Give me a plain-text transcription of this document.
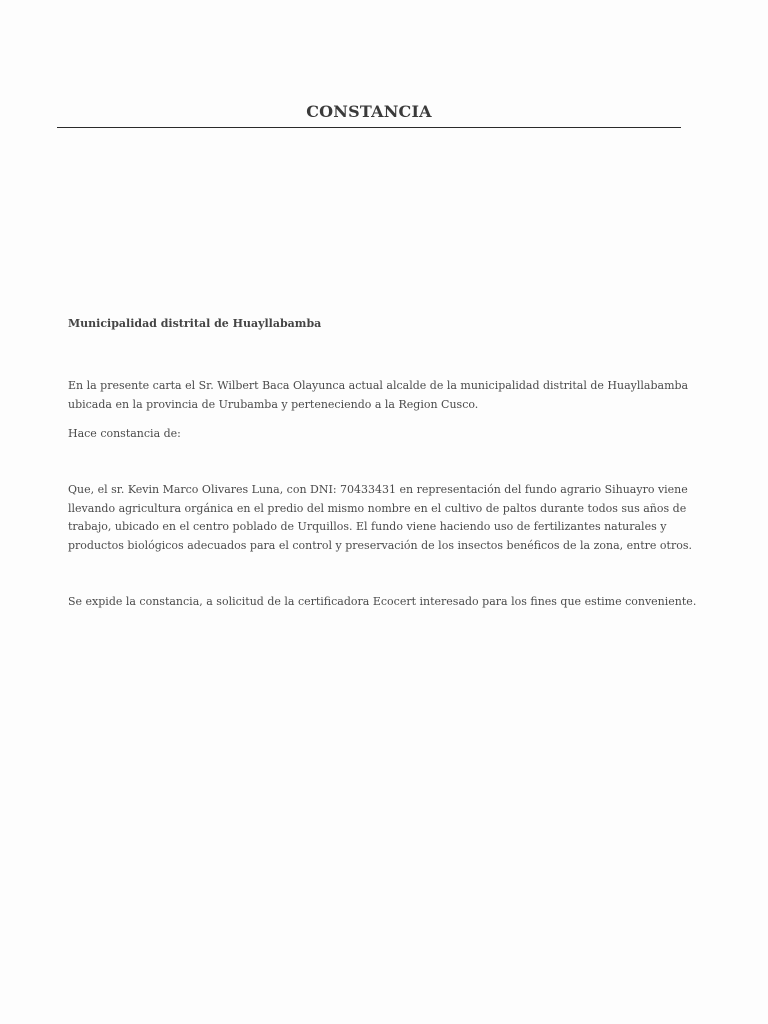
CONSTANCIA

Municipalidad distrital de Huayllabamba

En la presente carta el Sr. Wilbert Baca Olayunca actual alcalde de la municipalidad distrital de Huayllabamba ubicada en la provincia de Urubamba y perteneciendo a la Region Cusco.

Hace constancia de:

Que, el sr. Kevin Marco Olivares Luna, con DNI: 70433431 en representación del fundo agrario Sihuayro viene llevando agricultura orgánica en el predio del mismo nombre en el cultivo de paltos durante todos sus años de trabajo, ubicado en el centro poblado de Urquillos. El fundo viene haciendo uso de fertilizantes naturales y productos biológicos adecuados para el control y preservación de los insectos benéficos de la zona, entre otros.

Se expide la constancia, a solicitud de la certificadora Ecocert interesado para los fines que estime conveniente.
